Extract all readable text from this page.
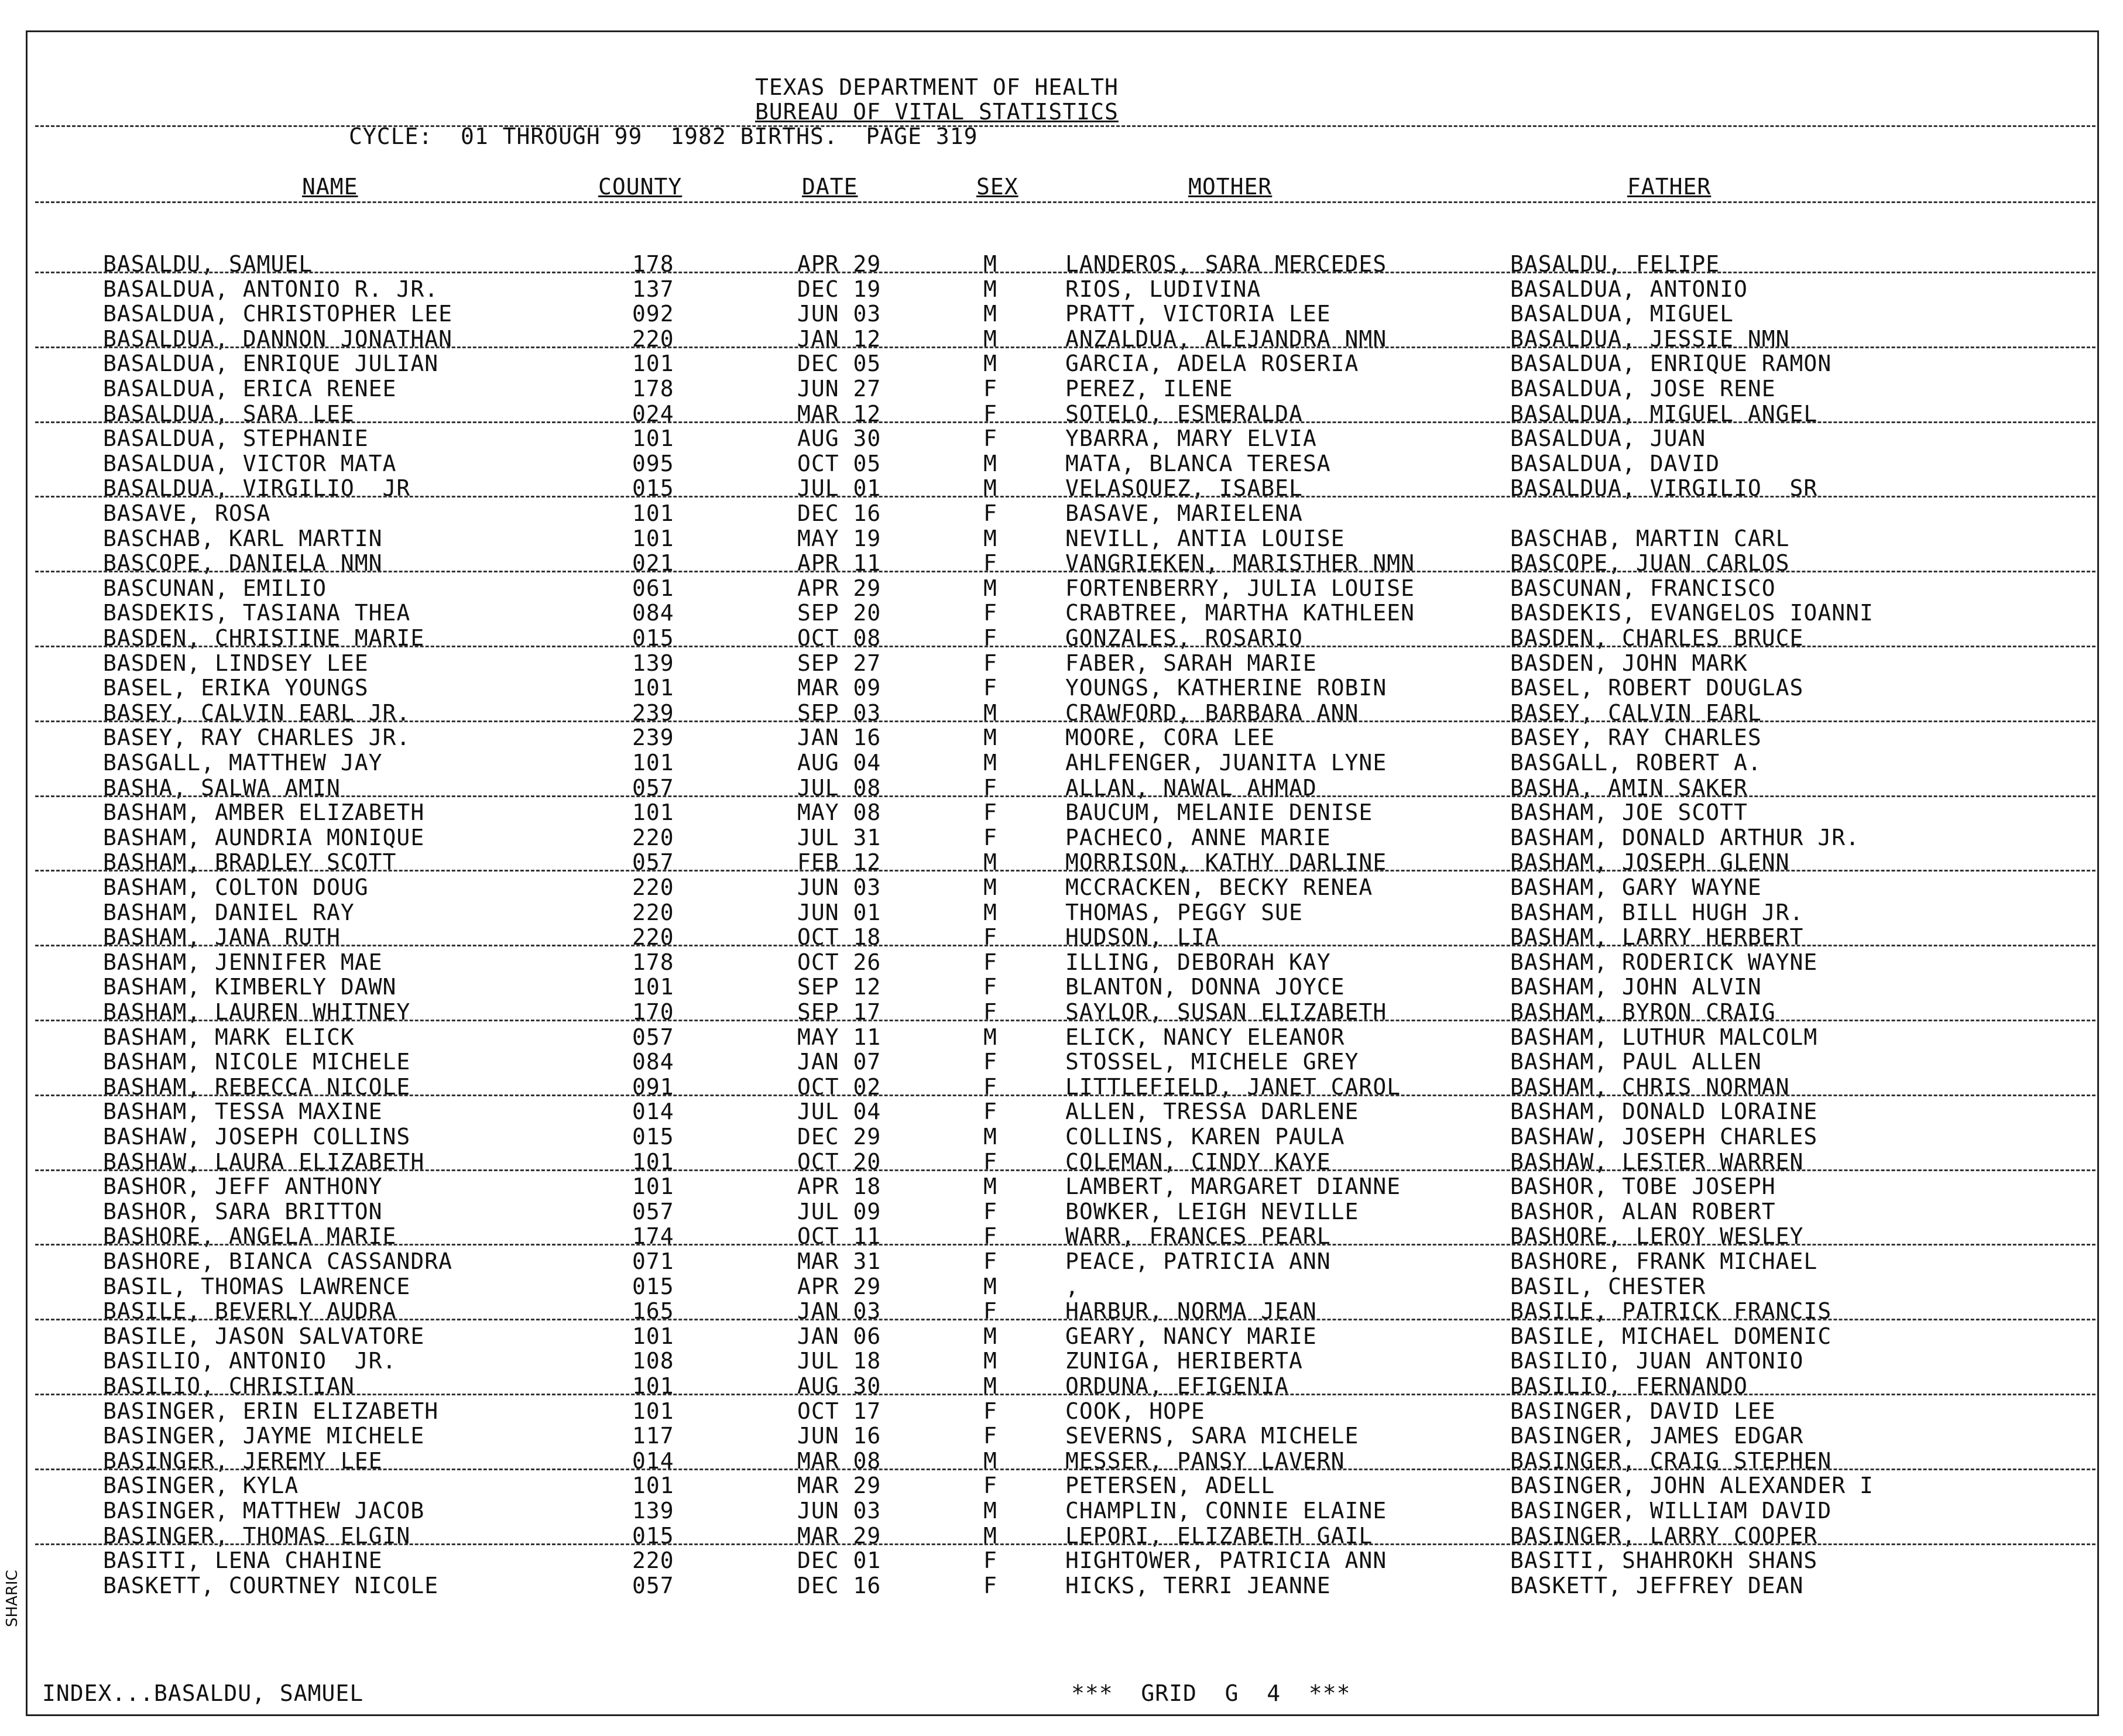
SHARIC
TEXAS DEPARTMENT OF HEALTH
BUREAU OF VITAL STATISTICS
CYCLE:  01 THROUGH 99  1982 BIRTHS.  PAGE 319
NAME	COUNTY	DATE	SEX	MOTHER	FATHER
BASALDU, SAMUEL	178	APR 29	M	LANDEROS, SARA MERCEDES	BASALDU, FELIPE
BASALDUA, ANTONIO R. JR.	137	DEC 19	M	RIOS, LUDIVINA	BASALDUA, ANTONIO
BASALDUA, CHRISTOPHER LEE	092	JUN 03	M	PRATT, VICTORIA LEE	BASALDUA, MIGUEL
BASALDUA, DANNON JONATHAN	220	JAN 12	M	ANZALDUA, ALEJANDRA NMN	BASALDUA, JESSIE NMN
BASALDUA, ENRIQUE JULIAN	101	DEC 05	M	GARCIA, ADELA ROSERIA	BASALDUA, ENRIQUE RAMON
BASALDUA, ERICA RENEE	178	JUN 27	F	PEREZ, ILENE	BASALDUA, JOSE RENE
BASALDUA, SARA LEE	024	MAR 12	F	SOTELO, ESMERALDA	BASALDUA, MIGUEL ANGEL
BASALDUA, STEPHANIE	101	AUG 30	F	YBARRA, MARY ELVIA	BASALDUA, JUAN
BASALDUA, VICTOR MATA	095	OCT 05	M	MATA, BLANCA TERESA	BASALDUA, DAVID
BASALDUA, VIRGILIO  JR	015	JUL 01	M	VELASQUEZ, ISABEL	BASALDUA, VIRGILIO  SR
BASAVE, ROSA	101	DEC 16	F	BASAVE, MARIELENA
BASCHAB, KARL MARTIN	101	MAY 19	M	NEVILL, ANTIA LOUISE	BASCHAB, MARTIN CARL
BASCOPE, DANIELA NMN	021	APR 11	F	VANGRIEKEN, MARISTHER NMN	BASCOPE, JUAN CARLOS
BASCUNAN, EMILIO	061	APR 29	M	FORTENBERRY, JULIA LOUISE	BASCUNAN, FRANCISCO
BASDEKIS, TASIANA THEA	084	SEP 20	F	CRABTREE, MARTHA KATHLEEN	BASDEKIS, EVANGELOS IOANNI
BASDEN, CHRISTINE MARIE	015	OCT 08	F	GONZALES, ROSARIO	BASDEN, CHARLES BRUCE
BASDEN, LINDSEY LEE	139	SEP 27	F	FABER, SARAH MARIE	BASDEN, JOHN MARK
BASEL, ERIKA YOUNGS	101	MAR 09	F	YOUNGS, KATHERINE ROBIN	BASEL, ROBERT DOUGLAS
BASEY, CALVIN EARL JR.	239	SEP 03	M	CRAWFORD, BARBARA ANN	BASEY, CALVIN EARL
BASEY, RAY CHARLES JR.	239	JAN 16	M	MOORE, CORA LEE	BASEY, RAY CHARLES
BASGALL, MATTHEW JAY	101	AUG 04	M	AHLFENGER, JUANITA LYNE	BASGALL, ROBERT A.
BASHA, SALWA AMIN	057	JUL 08	F	ALLAN, NAWAL AHMAD	BASHA, AMIN SAKER
BASHAM, AMBER ELIZABETH	101	MAY 08	F	BAUCUM, MELANIE DENISE	BASHAM, JOE SCOTT
BASHAM, AUNDRIA MONIQUE	220	JUL 31	F	PACHECO, ANNE MARIE	BASHAM, DONALD ARTHUR JR.
BASHAM, BRADLEY SCOTT	057	FEB 12	M	MORRISON, KATHY DARLINE	BASHAM, JOSEPH GLENN
BASHAM, COLTON DOUG	220	JUN 03	M	MCCRACKEN, BECKY RENEA	BASHAM, GARY WAYNE
BASHAM, DANIEL RAY	220	JUN 01	M	THOMAS, PEGGY SUE	BASHAM, BILL HUGH JR.
BASHAM, JANA RUTH	220	OCT 18	F	HUDSON, LIA	BASHAM, LARRY HERBERT
BASHAM, JENNIFER MAE	178	OCT 26	F	ILLING, DEBORAH KAY	BASHAM, RODERICK WAYNE
BASHAM, KIMBERLY DAWN	101	SEP 12	F	BLANTON, DONNA JOYCE	BASHAM, JOHN ALVIN
BASHAM, LAUREN WHITNEY	170	SEP 17	F	SAYLOR, SUSAN ELIZABETH	BASHAM, BYRON CRAIG
BASHAM, MARK ELICK	057	MAY 11	M	ELICK, NANCY ELEANOR	BASHAM, LUTHUR MALCOLM
BASHAM, NICOLE MICHELE	084	JAN 07	F	STOSSEL, MICHELE GREY	BASHAM, PAUL ALLEN
BASHAM, REBECCA NICOLE	091	OCT 02	F	LITTLEFIELD, JANET CAROL	BASHAM, CHRIS NORMAN
BASHAM, TESSA MAXINE	014	JUL 04	F	ALLEN, TRESSA DARLENE	BASHAM, DONALD LORAINE
BASHAW, JOSEPH COLLINS	015	DEC 29	M	COLLINS, KAREN PAULA	BASHAW, JOSEPH CHARLES
BASHAW, LAURA ELIZABETH	101	OCT 20	F	COLEMAN, CINDY KAYE	BASHAW, LESTER WARREN
BASHOR, JEFF ANTHONY	101	APR 18	M	LAMBERT, MARGARET DIANNE	BASHOR, TOBE JOSEPH
BASHOR, SARA BRITTON	057	JUL 09	F	BOWKER, LEIGH NEVILLE	BASHOR, ALAN ROBERT
BASHORE, ANGELA MARIE	174	OCT 11	F	WARR, FRANCES PEARL	BASHORE, LEROY WESLEY
BASHORE, BIANCA CASSANDRA	071	MAR 31	F	PEACE, PATRICIA ANN	BASHORE, FRANK MICHAEL
BASIL, THOMAS LAWRENCE	015	APR 29	M	,	BASIL, CHESTER
BASILE, BEVERLY AUDRA	165	JAN 03	F	HARBUR, NORMA JEAN	BASILE, PATRICK FRANCIS
BASILE, JASON SALVATORE	101	JAN 06	M	GEARY, NANCY MARIE	BASILE, MICHAEL DOMENIC
BASILIO, ANTONIO  JR.	108	JUL 18	M	ZUNIGA, HERIBERTA	BASILIO, JUAN ANTONIO
BASILIO, CHRISTIAN	101	AUG 30	M	ORDUNA, EFIGENIA	BASILIO, FERNANDO
BASINGER, ERIN ELIZABETH	101	OCT 17	F	COOK, HOPE	BASINGER, DAVID LEE
BASINGER, JAYME MICHELE	117	JUN 16	F	SEVERNS, SARA MICHELE	BASINGER, JAMES EDGAR
BASINGER, JEREMY LEE	014	MAR 08	M	MESSER, PANSY LAVERN	BASINGER, CRAIG STEPHEN
BASINGER, KYLA	101	MAR 29	F	PETERSEN, ADELL	BASINGER, JOHN ALEXANDER I
BASINGER, MATTHEW JACOB	139	JUN 03	M	CHAMPLIN, CONNIE ELAINE	BASINGER, WILLIAM DAVID
BASINGER, THOMAS ELGIN	015	MAR 29	M	LEPORI, ELIZABETH GAIL	BASINGER, LARRY COOPER
BASITI, LENA CHAHINE	220	DEC 01	F	HIGHTOWER, PATRICIA ANN	BASITI, SHAHROKH SHANS
BASKETT, COURTNEY NICOLE	057	DEC 16	F	HICKS, TERRI JEANNE	BASKETT, JEFFREY DEAN
INDEX...BASALDU, SAMUEL	***  GRID  G  4  ***
